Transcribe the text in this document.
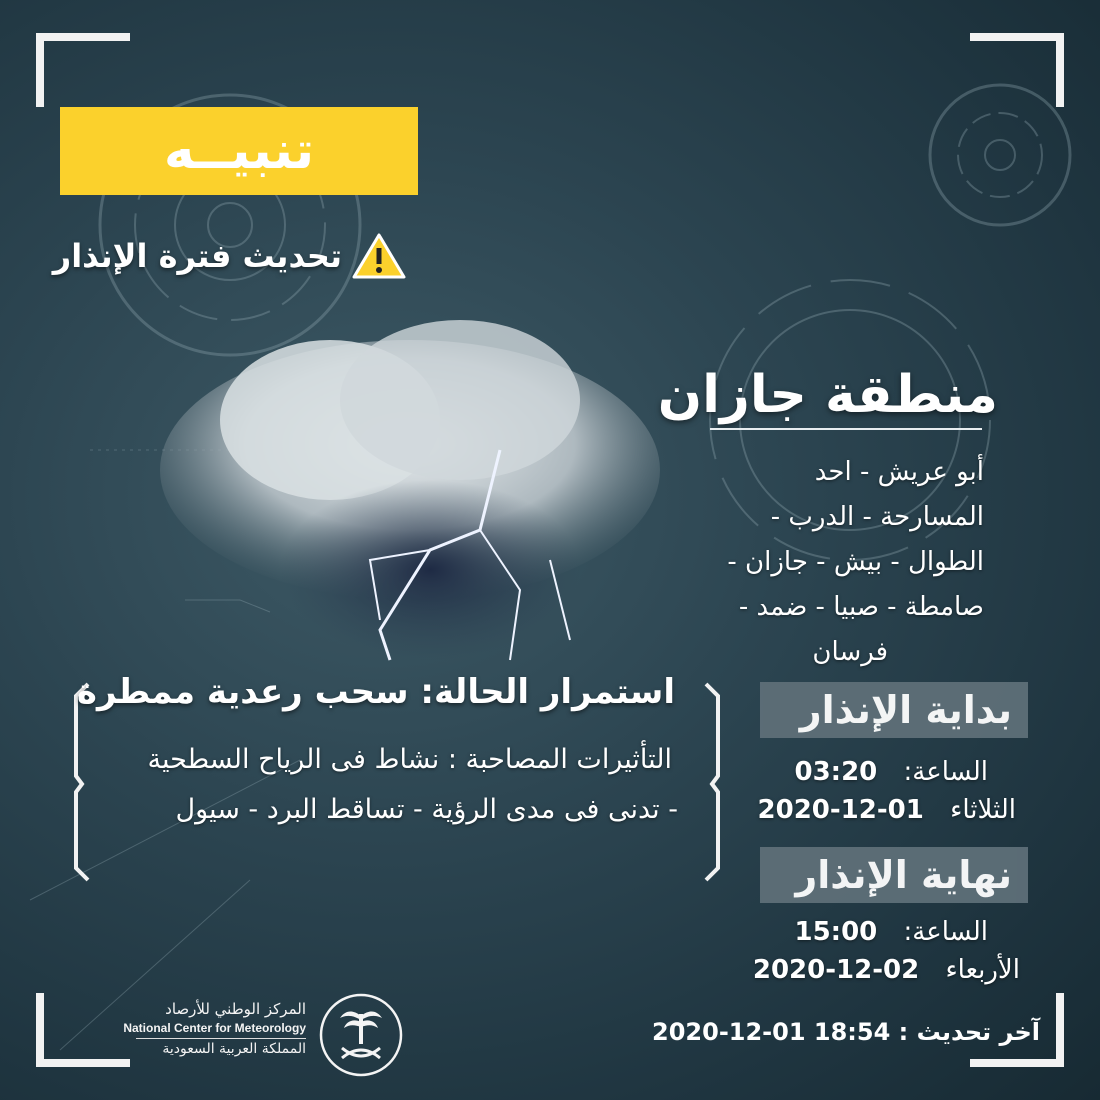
تنبيــه
تحديث فترة الإنذار
منطقة جازان
أبو عريش - احد
المسارحة - الدرب -
الطوال - بيش - جازان -
صامطة - صبيا - ضمد -
فرسان
بداية الإنذار
الساعة: 03:20
الثلاثاء 2020-12-01
نهاية الإنذار
الساعة: 15:00
الأربعاء 2020-12-02
استمرار الحالة: سحب رعدية ممطرة
التأثيرات المصاحبة : نشاط فى الرياح السطحية
- تدنى فى مدى الرؤية - تساقط البرد - سيول
آخر تحديث : 2020-12-01 18:54
المركز الوطني للأرصاد
National Center for Meteorology
المملكة العربية السعودية
